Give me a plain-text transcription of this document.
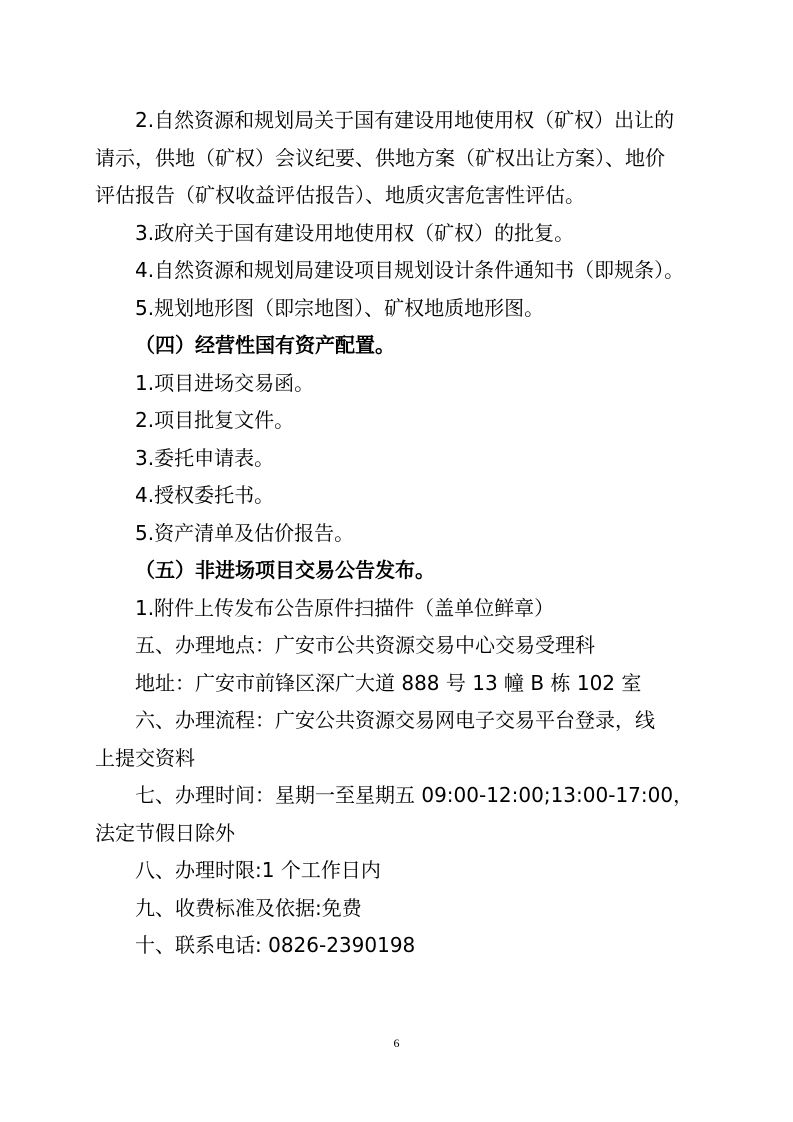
2.自然资源和规划局关于国有建设用地使用权（矿权）出让的
请示，供地（矿权）会议纪要、供地方案（矿权出让方案）、地价
评估报告（矿权收益评估报告）、地质灾害危害性评估。
3.政府关于国有建设用地使用权（矿权）的批复。
4.自然资源和规划局建设项目规划设计条件通知书（即规条）。
5.规划地形图（即宗地图）、矿权地质地形图。
（四）经营性国有资产配置。
1.项目进场交易函。
2.项目批复文件。
3.委托申请表。
4.授权委托书。
5.资产清单及估价报告。
（五）非进场项目交易公告发布。
1.附件上传发布公告原件扫描件（盖单位鲜章）
五、办理地点：广安市公共资源交易中心交易受理科
地址：广安市前锋区深广大道 888 号 13 幢 B 栋 102 室
六、办理流程：广安公共资源交易网电子交易平台登录，线
上提交资料
七、办理时间：星期一至星期五 09:00-12:00;13:00-17:00，
法定节假日除外
八、办理时限:1 个工作日内
九、收费标准及依据:免费
十、联系电话: 0826-2390198
6
